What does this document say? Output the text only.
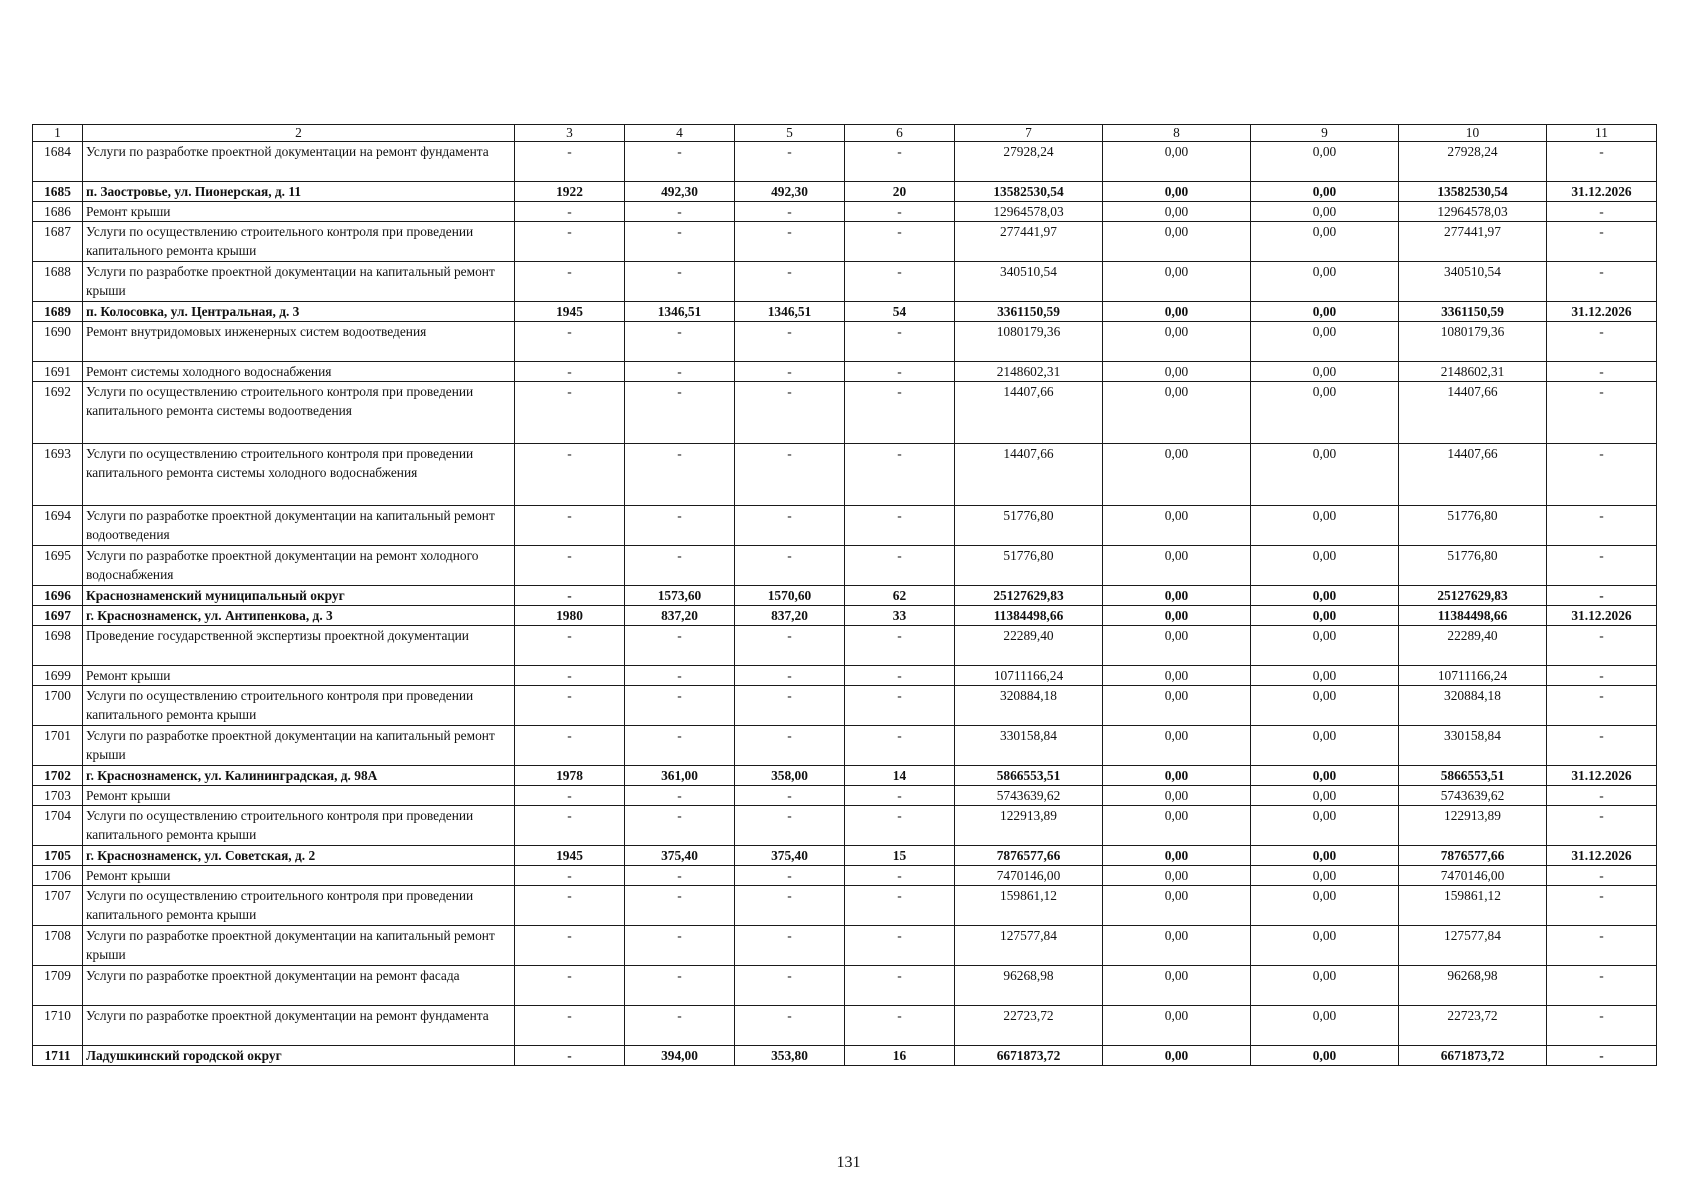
1	2	3	4	5	6	7	8	9	10	11
1684	Услуги по разработке проектной документации на ремонт фундамента	-	-	-	-	27928,24	0,00	0,00	27928,24	-
1685	п. Заостровье, ул. Пионерская, д. 11	1922	492,30	492,30	20	13582530,54	0,00	0,00	13582530,54	31.12.2026
1686	Ремонт крыши	-	-	-	-	12964578,03	0,00	0,00	12964578,03	-
1687	Услуги по осуществлению строительного контроля при проведении капитального ремонта крыши	-	-	-	-	277441,97	0,00	0,00	277441,97	-
1688	Услуги по разработке проектной документации на капитальный ремонт крыши	-	-	-	-	340510,54	0,00	0,00	340510,54	-
1689	п. Колосовка, ул. Центральная, д. 3	1945	1346,51	1346,51	54	3361150,59	0,00	0,00	3361150,59	31.12.2026
1690	Ремонт внутридомовых инженерных систем водоотведения	-	-	-	-	1080179,36	0,00	0,00	1080179,36	-
1691	Ремонт системы холодного водоснабжения	-	-	-	-	2148602,31	0,00	0,00	2148602,31	-
1692	Услуги по осуществлению строительного контроля при проведении капитального ремонта системы водоотведения	-	-	-	-	14407,66	0,00	0,00	14407,66	-
1693	Услуги по осуществлению строительного контроля при проведении капитального ремонта системы холодного водоснабжения	-	-	-	-	14407,66	0,00	0,00	14407,66	-
1694	Услуги по разработке проектной документации на капитальный ремонт водоотведения	-	-	-	-	51776,80	0,00	0,00	51776,80	-
1695	Услуги по разработке проектной документации на ремонт холодного водоснабжения	-	-	-	-	51776,80	0,00	0,00	51776,80	-
1696	Краснознаменский муниципальный округ	-	1573,60	1570,60	62	25127629,83	0,00	0,00	25127629,83	-
1697	г. Краснознаменск, ул. Антипенкова, д. 3	1980	837,20	837,20	33	11384498,66	0,00	0,00	11384498,66	31.12.2026
1698	Проведение государственной экспертизы проектной документации	-	-	-	-	22289,40	0,00	0,00	22289,40	-
1699	Ремонт крыши	-	-	-	-	10711166,24	0,00	0,00	10711166,24	-
1700	Услуги по осуществлению строительного контроля при проведении капитального ремонта крыши	-	-	-	-	320884,18	0,00	0,00	320884,18	-
1701	Услуги по разработке проектной документации на капитальный ремонт крыши	-	-	-	-	330158,84	0,00	0,00	330158,84	-
1702	г. Краснознаменск, ул. Калининградская, д. 98А	1978	361,00	358,00	14	5866553,51	0,00	0,00	5866553,51	31.12.2026
1703	Ремонт крыши	-	-	-	-	5743639,62	0,00	0,00	5743639,62	-
1704	Услуги по осуществлению строительного контроля при проведении капитального ремонта крыши	-	-	-	-	122913,89	0,00	0,00	122913,89	-
1705	г. Краснознаменск, ул. Советская, д. 2	1945	375,40	375,40	15	7876577,66	0,00	0,00	7876577,66	31.12.2026
1706	Ремонт крыши	-	-	-	-	7470146,00	0,00	0,00	7470146,00	-
1707	Услуги по осуществлению строительного контроля при проведении капитального ремонта крыши	-	-	-	-	159861,12	0,00	0,00	159861,12	-
1708	Услуги по разработке проектной документации на капитальный ремонт крыши	-	-	-	-	127577,84	0,00	0,00	127577,84	-
1709	Услуги по разработке проектной документации на ремонт фасада	-	-	-	-	96268,98	0,00	0,00	96268,98	-
1710	Услуги по разработке проектной документации на ремонт фундамента	-	-	-	-	22723,72	0,00	0,00	22723,72	-
1711	Ладушкинский городской округ	-	394,00	353,80	16	6671873,72	0,00	0,00	6671873,72	-
131
